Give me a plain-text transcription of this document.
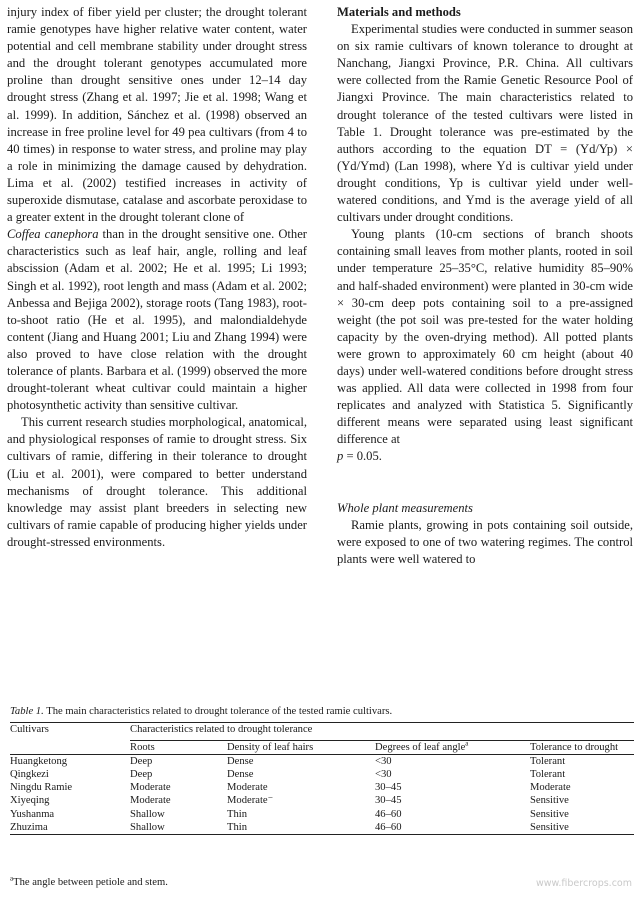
injury index of fiber yield per cluster; the drought tolerant ramie genotypes have higher relative water content, water potential and cell membrane stability under drought stress and the drought tolerant genotypes accumulated more proline than drought sensitive ones under 12–14 day drought stress (Zhang et al. 1997; Jie et al. 1998; Wang et al. 1999). In addition, Sánchez et al. (1998) observed an increase in free proline level for 49 pea cultivars (from 4 to 40 times) in response to water stress, and proline may play a role in minimizing the damage caused by dehydration. Lima et al. (2002) testified increases in activity of superoxide dismutase, catalase and ascorbate peroxidase to a greater extent in the drought tolerant clone of
Coffea canephora than in the drought sensitive one. Other characteristics such as leaf hair, angle, rolling and leaf abscission (Adam et al. 2002; He et al. 1995; Li 1993; Singh et al. 1992), root length and mass (Adam et al. 2002; Anbessa and Bejiga 2002), storage roots (Tang 1983), root-to-shoot ratio (He et al. 1995), and malondialdehyde content (Jiang and Huang 2001; Liu and Zhang 1994) were also proved to have close relation with the drought tolerance of plants. Barbara et al. (1999) observed the more drought-tolerant wheat cultivar could maintain a higher photosynthetic activity than sensitive cultivar.

This current research studies morphological, anatomical, and physiological responses of ramie to drought stress. Six cultivars of ramie, differing in their tolerance to drought (Liu et al. 2001), were compared to better understand mechanisms of drought tolerance. This additional knowledge may assist plant breeders in selecting new cultivars of ramie capable of producing higher yields under drought-stressed environments.

Materials and methods

Experimental studies were conducted in summer season on six ramie cultivars of known tolerance to drought at Nanchang, Jiangxi Province, P.R. China. All cultivars were collected from the Ramie Genetic Resource Pool of Jiangxi Province. The main characteristics related to drought tolerance of the tested cultivars were listed in Table 1. Drought tolerance was pre-estimated by the authors according to the equation DT = (Yd/Yp) × (Yd/Ymd) (Lan 1998), where Yd is cultivar yield under drought conditions, Yp is cultivar yield under well-watered conditions, and Ymd is the average yield of all cultivars under drought conditions.

Young plants (10-cm sections of branch shoots containing small leaves from mother plants, rooted in soil under temperature 25–35°C, relative humidity 85–90% and half-shaded environment) were planted in 30-cm wide × 30-cm deep pots containing soil to a pre-assigned weight (the pot soil was pre-tested for the water holding capacity by the oven-drying method). All potted plants were grown to approximately 60 cm height (about 40 days) under well-watered conditions before drought stress was applied. All data were collected in 1998 from four replicates and analyzed with Statistica 5. Significantly different means were separated using least significant difference at
p = 0.05.

Whole plant measurements

Ramie plants, growing in pots containing soil outside, were exposed to one of two watering regimes. The control plants were well watered to

Table 1. The main characteristics related to drought tolerance of the tested ramie cultivars.
Cultivars	Characteristics related to drought tolerance			

	Roots	Density of leaf hairs	Degrees of leaf angle$^a$	Tolerance to drought
Huangketong	Deep	Dense	<30	Tolerant
Qingkezi	Deep	Dense	<30	Tolerant
Ningdu Ramie	Moderate	Moderate	30–45	Moderate
Xiyeqing	Moderate	Moderate⁻	30–45	Sensitive
Yushanma	Shallow	Thin	46–60	Sensitive
Zhuzima	Shallow	Thin	46–60	Sensitive
$^a$The angle between petiole and stem.	www.fibercrops.com
